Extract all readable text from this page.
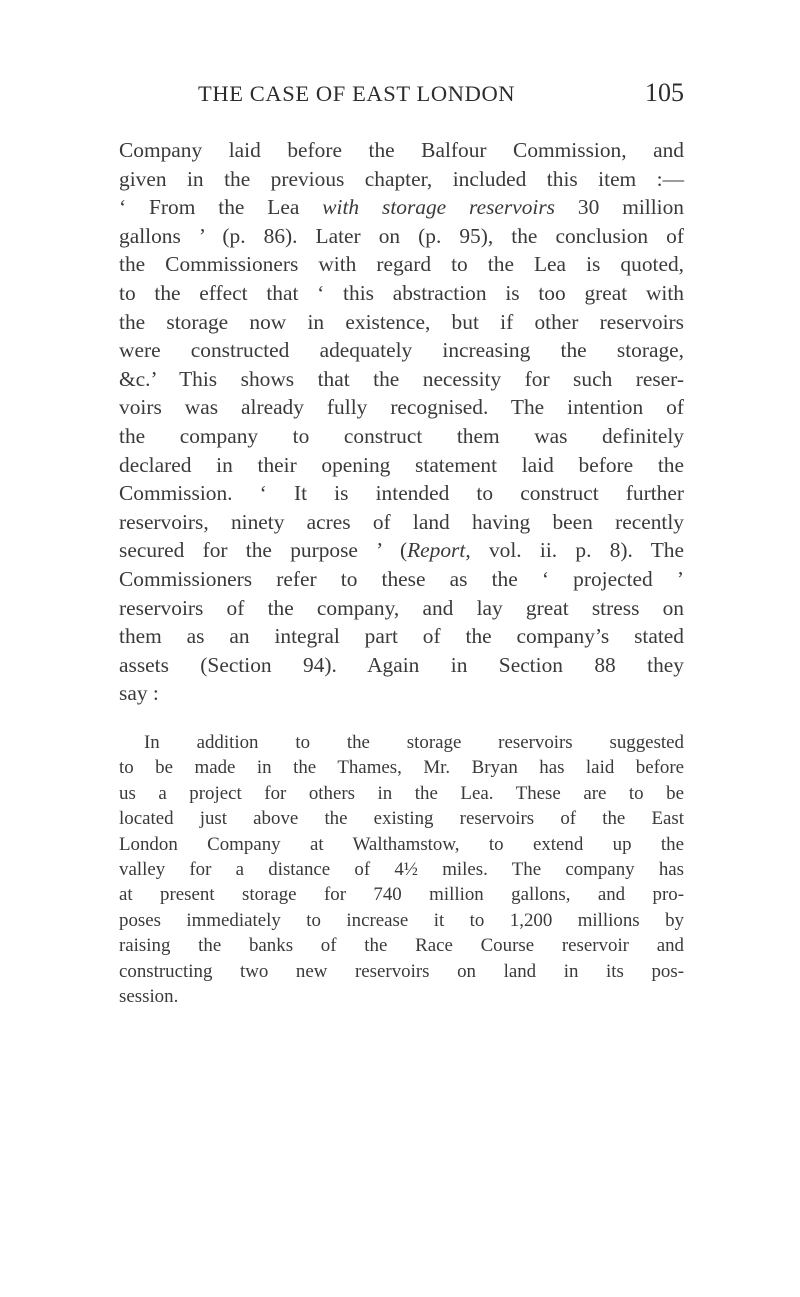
THE CASE OF EAST LONDON	105
Company laid before the Balfour Commission, and
given in the previous chapter, included this item :—
‘ From the Lea with storage reservoirs 30 million
gallons ’ (p. 86). Later on (p. 95), the conclusion of
the Commissioners with regard to the Lea is quoted,
to the effect that ‘ this abstraction is too great with
the storage now in existence, but if other reservoirs
were constructed adequately increasing the storage,
&c.’ This shows that the necessity for such reser-
voirs was already fully recognised. The intention of
the company to construct them was definitely
declared in their opening statement laid before the
Commission. ‘ It is intended to construct further
reservoirs, ninety acres of land having been recently
secured for the purpose ’ (Report, vol. ii. p. 8). The
Commissioners refer to these as the ‘ projected ’
reservoirs of the company, and lay great stress on
them as an integral part of the company’s stated
assets (Section 94). Again in Section 88 they
say :
In addition to the storage reservoirs suggested
to be made in the Thames, Mr. Bryan has laid before
us a project for others in the Lea. These are to be
located just above the existing reservoirs of the East
London Company at Walthamstow, to extend up the
valley for a distance of 4½ miles. The company has
at present storage for 740 million gallons, and pro-
poses immediately to increase it to 1,200 millions by
raising the banks of the Race Course reservoir and
constructing two new reservoirs on land in its pos-
session.
